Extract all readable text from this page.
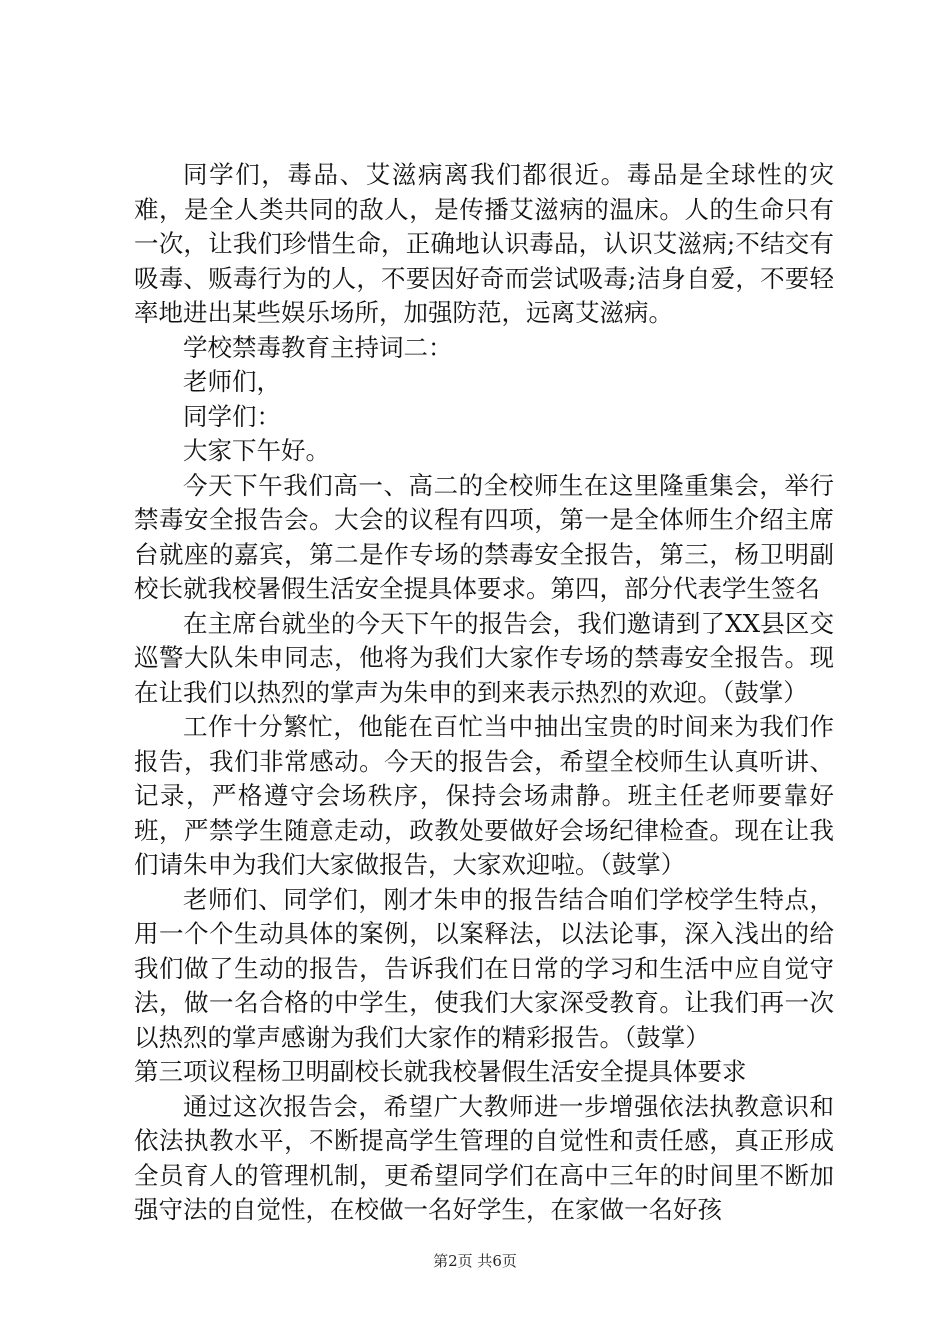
同学们，毒品、艾滋病离我们都很近。毒品是全球性的灾难，是全人类共同的敌人，是传播艾滋病的温床。人的生命只有一次，让我们珍惜生命，正确地认识毒品，认识艾滋病;不结交有吸毒、贩毒行为的人，不要因好奇而尝试吸毒;洁身自爱，不要轻率地进出某些娱乐场所，加强防范，远离艾滋病。

学校禁毒教育主持词二：

老师们，

同学们：

大家下午好。

今天下午我们高一、高二的全校师生在这里隆重集会，举行禁毒安全报告会。大会的议程有四项，第一是全体师生介绍主席台就座的嘉宾，第二是作专场的禁毒安全报告，第三，杨卫明副校长就我校暑假生活安全提具体要求。第四，部分代表学生签名

在主席台就坐的今天下午的报告会，我们邀请到了XX县区交巡警大队朱申同志，他将为我们大家作专场的禁毒安全报告。现在让我们以热烈的掌声为朱申的到来表示热烈的欢迎。（鼓掌）

工作十分繁忙，他能在百忙当中抽出宝贵的时间来为我们作报告，我们非常感动。今天的报告会，希望全校师生认真听讲、记录，严格遵守会场秩序，保持会场肃静。班主任老师要靠好班，严禁学生随意走动，政教处要做好会场纪律检查。现在让我们请朱申为我们大家做报告，大家欢迎啦。（鼓掌）

老师们、同学们，刚才朱申的报告结合咱们学校学生特点，用一个个生动具体的案例，以案释法，以法论事，深入浅出的给我们做了生动的报告，告诉我们在日常的学习和生活中应自觉守法，做一名合格的中学生，使我们大家深受教育。让我们再一次以热烈的掌声感谢为我们大家作的精彩报告。（鼓掌）

第三项议程杨卫明副校长就我校暑假生活安全提具体要求

通过这次报告会，希望广大教师进一步增强依法执教意识和依法执教水平，不断提高学生管理的自觉性和责任感，真正形成全员育人的管理机制，更希望同学们在高中三年的时间里不断加强守法的自觉性，在校做一名好学生，在家做一名好孩

第2页 共6页
